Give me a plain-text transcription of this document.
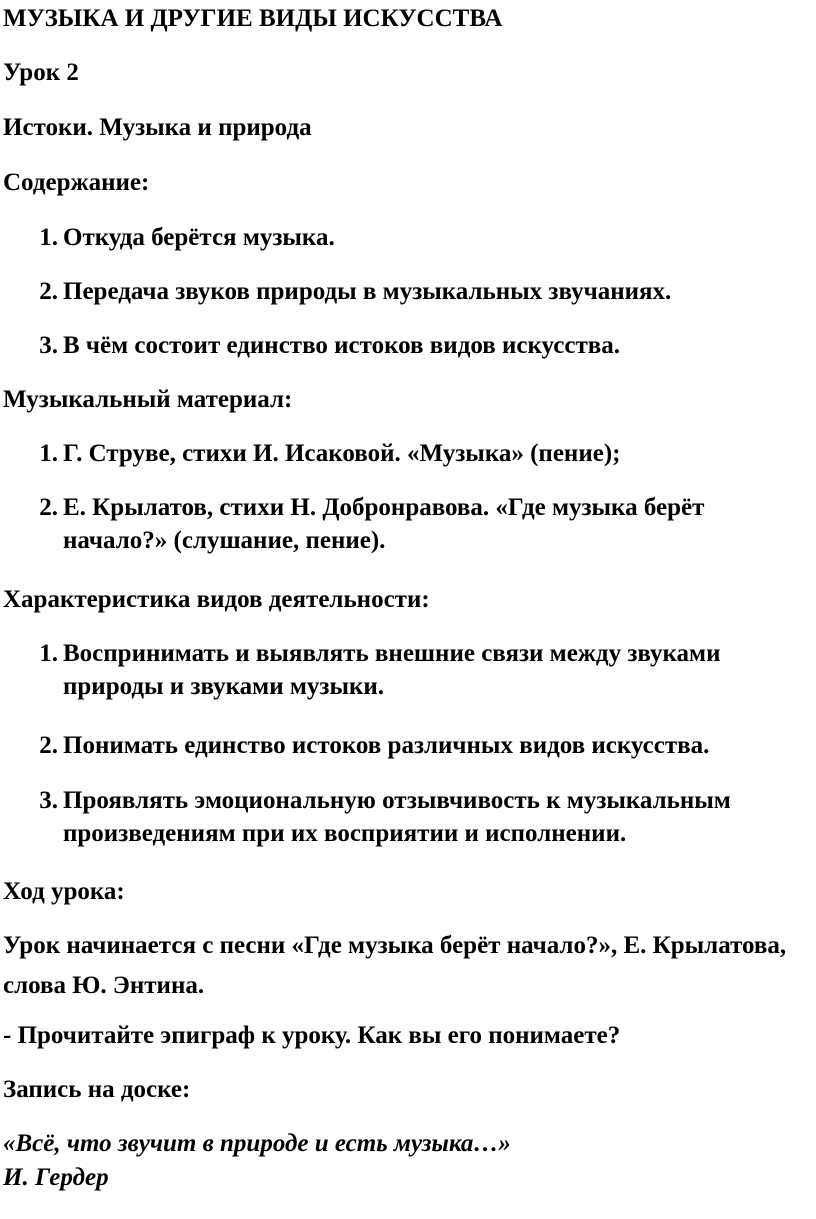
МУЗЫКА И ДРУГИЕ ВИДЫ ИСКУССТВА
Урок 2
Истоки. Музыка и природа
Содержание:
1. Откуда берётся музыка.
2. Передача звуков природы в музыкальных звучаниях.
3. В чём состоит единство истоков видов искусства.
Музыкальный материал:
1. Г. Струве, стихи И. Исаковой. «Музыка» (пение);
2. Е. Крылатов, стихи Н. Добронравова. «Где музыка берёт начало?» (слушание, пение).
Характеристика видов деятельности:
1. Воспринимать и выявлять внешние связи между звуками природы и звуками музыки.
2. Понимать единство истоков различных видов искусства.
3. Проявлять эмоциональную отзывчивость к музыкальным произведениям при их восприятии и исполнении.
Ход урока:
Урок начинается с песни «Где музыка берёт начало?», Е. Крылатова, слова Ю. Энтина.
- Прочитайте эпиграф к уроку. Как вы его понимаете?
Запись на доске:
«Всё, что звучит в природе и есть музыка…»
И. Гердер
